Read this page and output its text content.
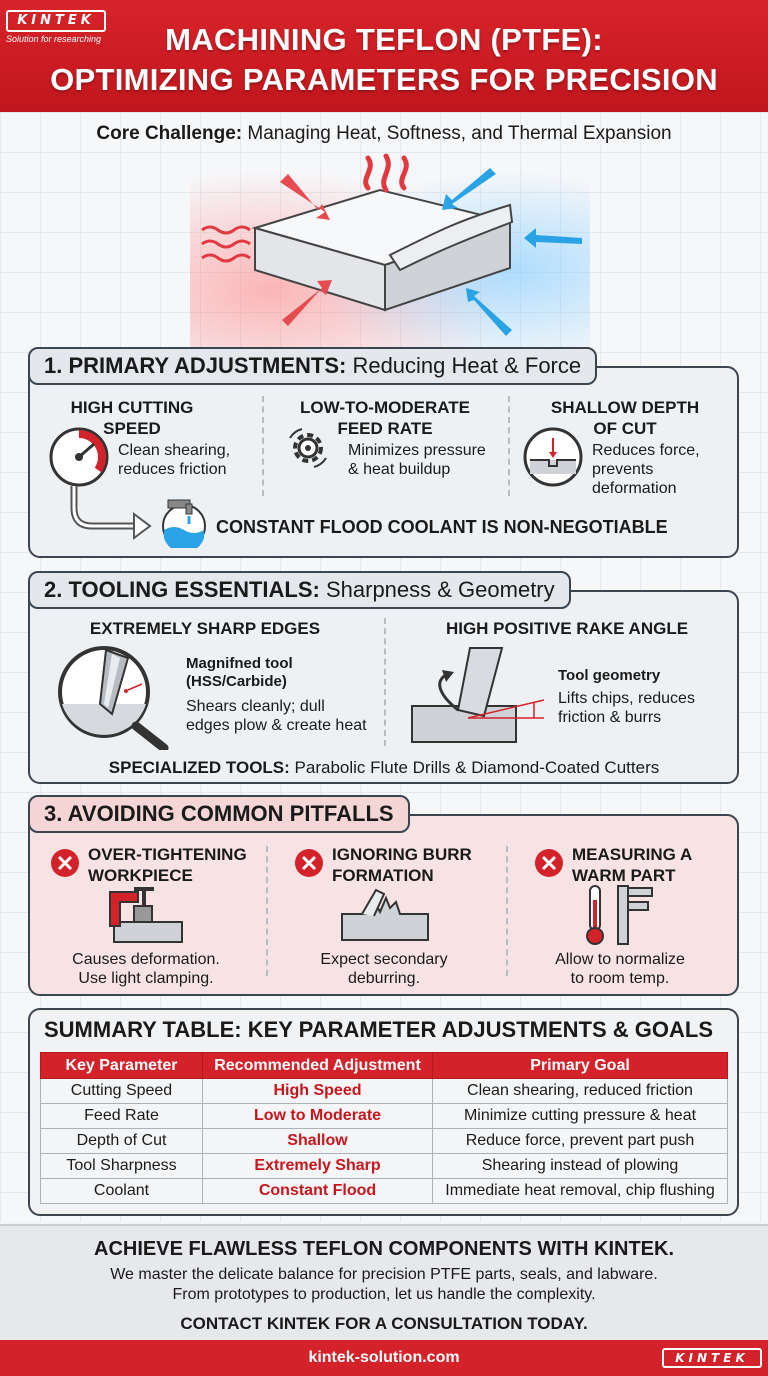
KINTEK
Solution for researching	MACHINING TEFLON (PTFE):
OPTIMIZING PARAMETERS FOR PRECISION
Core Challenge: Managing Heat, Softness, and Thermal Expansion
1. PRIMARY ADJUSTMENTS: Reducing Heat & Force
HIGH CUTTING
SPEED
Clean shearing,
reduces friction
LOW-TO-MODERATE
FEED RATE
Minimizes pressure
& heat buildup
SHALLOW DEPTH
OF CUT
Reduces force,
prevents
deformation
CONSTANT FLOOD COOLANT IS NON-NEGOTIABLE
2. TOOLING ESSENTIALS: Sharpness & Geometry
EXTREMELY SHARP EDGES
Magnifned tool
(HSS/Carbide)
Shears cleanly; dull
edges plow & create heat
HIGH POSITIVE RAKE ANGLE
Tool geometry
Lifts chips, reduces
friction & burrs
SPECIALIZED TOOLS: Parabolic Flute Drills & Diamond-Coated Cutters
3. AVOIDING COMMON PITFALLS
OVER-TIGHTENING
WORKPIECE
Causes deformation.
Use light clamping.
IGNORING BURR
FORMATION
Expect secondary
deburring.
MEASURING A
WARM PART
Allow to normalize
to room temp.
SUMMARY TABLE: KEY PARAMETER ADJUSTMENTS & GOALS
Key Parameter	Recommended Adjustment	Primary Goal
Cutting Speed	High Speed	Clean shearing, reduced friction
Feed Rate	Low to Moderate	Minimize cutting pressure & heat
Depth of Cut	Shallow	Reduce force, prevent part push
Tool Sharpness	Extremely Sharp	Shearing instead of plowing
Coolant	Constant Flood	Immediate heat removal, chip flushing
ACHIEVE FLAWLESS TEFLON COMPONENTS WITH KINTEK.
We master the delicate balance for precision PTFE parts, seals, and labware.
From prototypes to production, let us handle the complexity.
CONTACT KINTEK FOR A CONSULTATION TODAY.
kintek-solution.com	KINTEK
